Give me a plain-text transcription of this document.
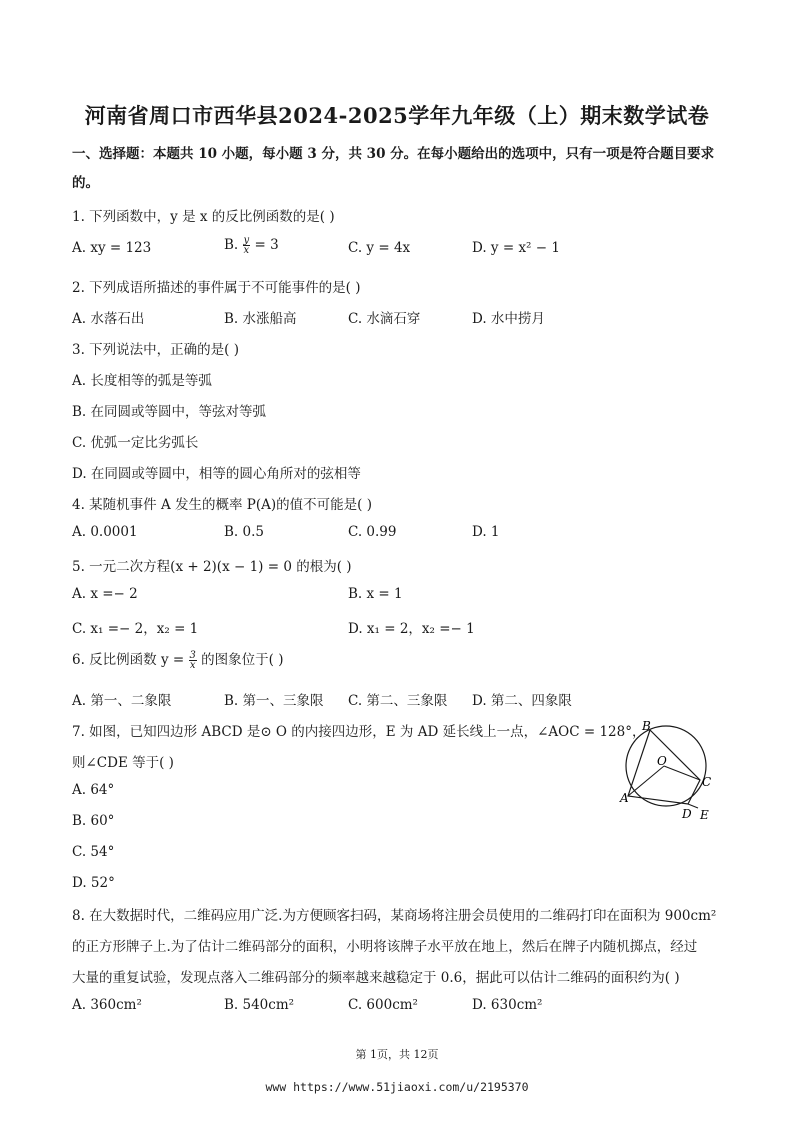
河南省周口市西华县2024-2025学年九年级（上）期末数学试卷
一、选择题：本题共 10 小题，每小题 3 分，共 30 分。在每小题给出的选项中，只有一项是符合题目要求
的。
1. 下列函数中，y 是 x 的反比例函数的是( )
A. xy = 123	B. $\frac{y}{x} = 3$	C. y = 4x	D. y = x² − 1
2. 下列成语所描述的事件属于不可能事件的是( )
A. 水落石出	B. 水涨船高	C. 水滴石穿	D. 水中捞月
3. 下列说法中，正确的是( )
A. 长度相等的弧是等弧
B. 在同圆或等圆中，等弦对等弧
C. 优弧一定比劣弧长
D. 在同圆或等圆中，相等的圆心角所对的弦相等
4. 某随机事件 A 发生的概率 P(A)的值不可能是( )
A. 0.0001	B. 0.5	C. 0.99	D. 1
5. 一元二次方程(x + 2)(x − 1) = 0 的根为( )
A. x =− 2	B. x = 1
C. x₁ =− 2，x₂ = 1	D. x₁ = 2，x₂ =− 1
6. 反比例函数 $y = \frac{3}{x}$ 的图象位于( )
A. 第一、二象限	B. 第一、三象限 C. 第二、三象限 D. 第二、四象限
7. 如图，已知四边形 ABCD 是⊙ O 的内接四边形，E 为 AD 延长线上一点，∠AOC = 128°，
则∠CDE 等于( )
A. 64°
B. 60°
C. 54°
D. 52°
B
O
C
A
D E
8. 在大数据时代，二维码应用广泛.为方便顾客扫码，某商场将注册会员使用的二维码打印在面积为 900cm²
的正方形牌子上.为了估计二维码部分的面积，小明将该牌子水平放在地上，然后在牌子内随机掷点，经过
大量的重复试验，发现点落入二维码部分的频率越来越稳定于 0.6，据此可以估计二维码的面积约为( )
A. 360cm²	B. 540cm²	C. 600cm²	D. 630cm²
第 1页，共 12页
www https://www.51jiaoxi.com/u/2195370
